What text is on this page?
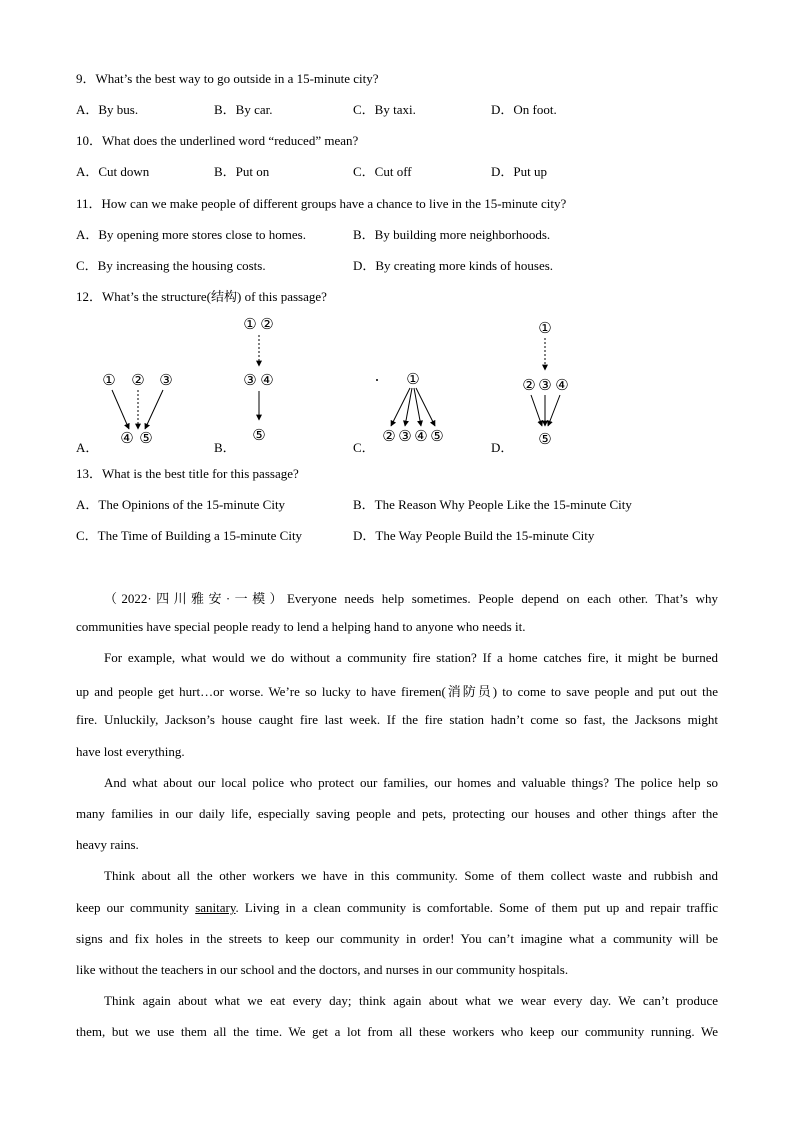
9．What’s the best way to go outside in a 15-minute city?
A．By bus.	B．By car.	C．By taxi.	D．On foot.
10．What does the underlined word “reduced” mean?
A．Cut down	B．Put on	C．Cut off	D．Put up
11．How can we make people of different groups have a chance to live in the 15-minute city?
A．By opening more stores close to homes.	B．By building more neighborhoods.
C．By increasing the housing costs.	D．By creating more kinds of houses.
12．What’s the structure(结构) of this passage?
① ② ③
④ ⑤
① ②
③ ④
⑤
①
② ③ ④ ⑤
①
② ③ ④
⑤
A．	B．	C．	D．
13．What is the best title for this passage?
A．The Opinions of the 15-minute City	B．The Reason Why People Like the 15-minute City
C．The Time of Building a 15-minute City	D．The Way People Build the 15-minute City
（2022·四川雅安·一模）Everyone needs help sometimes. People depend on each other. That’s why
communities have special people ready to lend a helping hand to anyone who needs it.
For example, what would we do without a community fire station? If a home catches fire, it might be burned
up and people get hurt…or worse. We’re so lucky to have firemen(消防员) to come to save people and put out the
fire. Unluckily, Jackson’s house caught fire last week. If the fire station hadn’t come so fast, the Jacksons might
have lost everything.
And what about our local police who protect our families, our homes and valuable things? The police help so
many families in our daily life, especially saving people and pets, protecting our houses and other things after the
heavy rains.
Think about all the other workers we have in this community. Some of them collect waste and rubbish and
keep our community sanitary. Living in a clean community is comfortable. Some of them put up and repair traffic
signs and fix holes in the streets to keep our community in order! You can’t imagine what a community will be
like without the teachers in our school and the doctors, and nurses in our community hospitals.
Think again about what we eat every day; think again about what we wear every day. We can’t produce
them, but we use them all the time. We get a lot from all these workers who keep our community running. We
